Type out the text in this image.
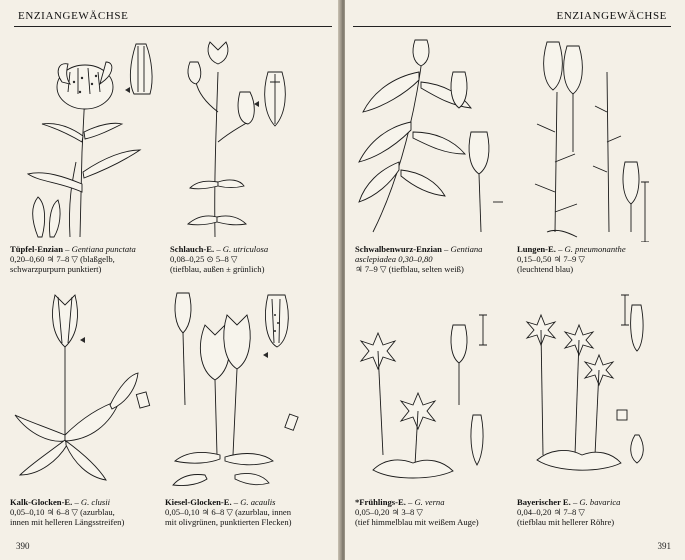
ENZIANGEWÄCHSE
Tüpfel-Enzian – Gentiana punctata
0,20–0,60 ♃ 7–8 ▽ (blaßgelb,
schwarzpurpurn punktiert)
Schlauch-E. – G. utriculosa
0,08–0,25 ⊙ 5–8 ▽
(tiefblau, außen ± grünlich)
Kalk-Glocken-E. – G. clusii
0,05–0,10 ♃ 6–8 ▽ (azurblau,
innen mit helleren Längsstreifen)
Kiesel-Glocken-E. – G. acaulis
0,05–0,10 ♃ 6–8 ▽ (azurblau, innen
mit olivgrünen, punktierten Flecken)
390
ENZIANGEWÄCHSE
Schwalbenwurz-Enzian – Gentiana
asclepiadea 0,30–0,80
♃ 7–9 ▽ (tiefblau, selten weiß)
Lungen-E. – G. pneumonanthe
0,15–0,50 ♃ 7–9 ▽
(leuchtend blau)
*Frühlings-E. – G. verna
0,05–0,20 ♃ 3–8 ▽
(tief himmelblau mit weißem Auge)
Bayerischer E. – G. bavarica
0,04–0,20 ♃ 7–8 ▽
(tiefblau mit hellerer Röhre)
391
